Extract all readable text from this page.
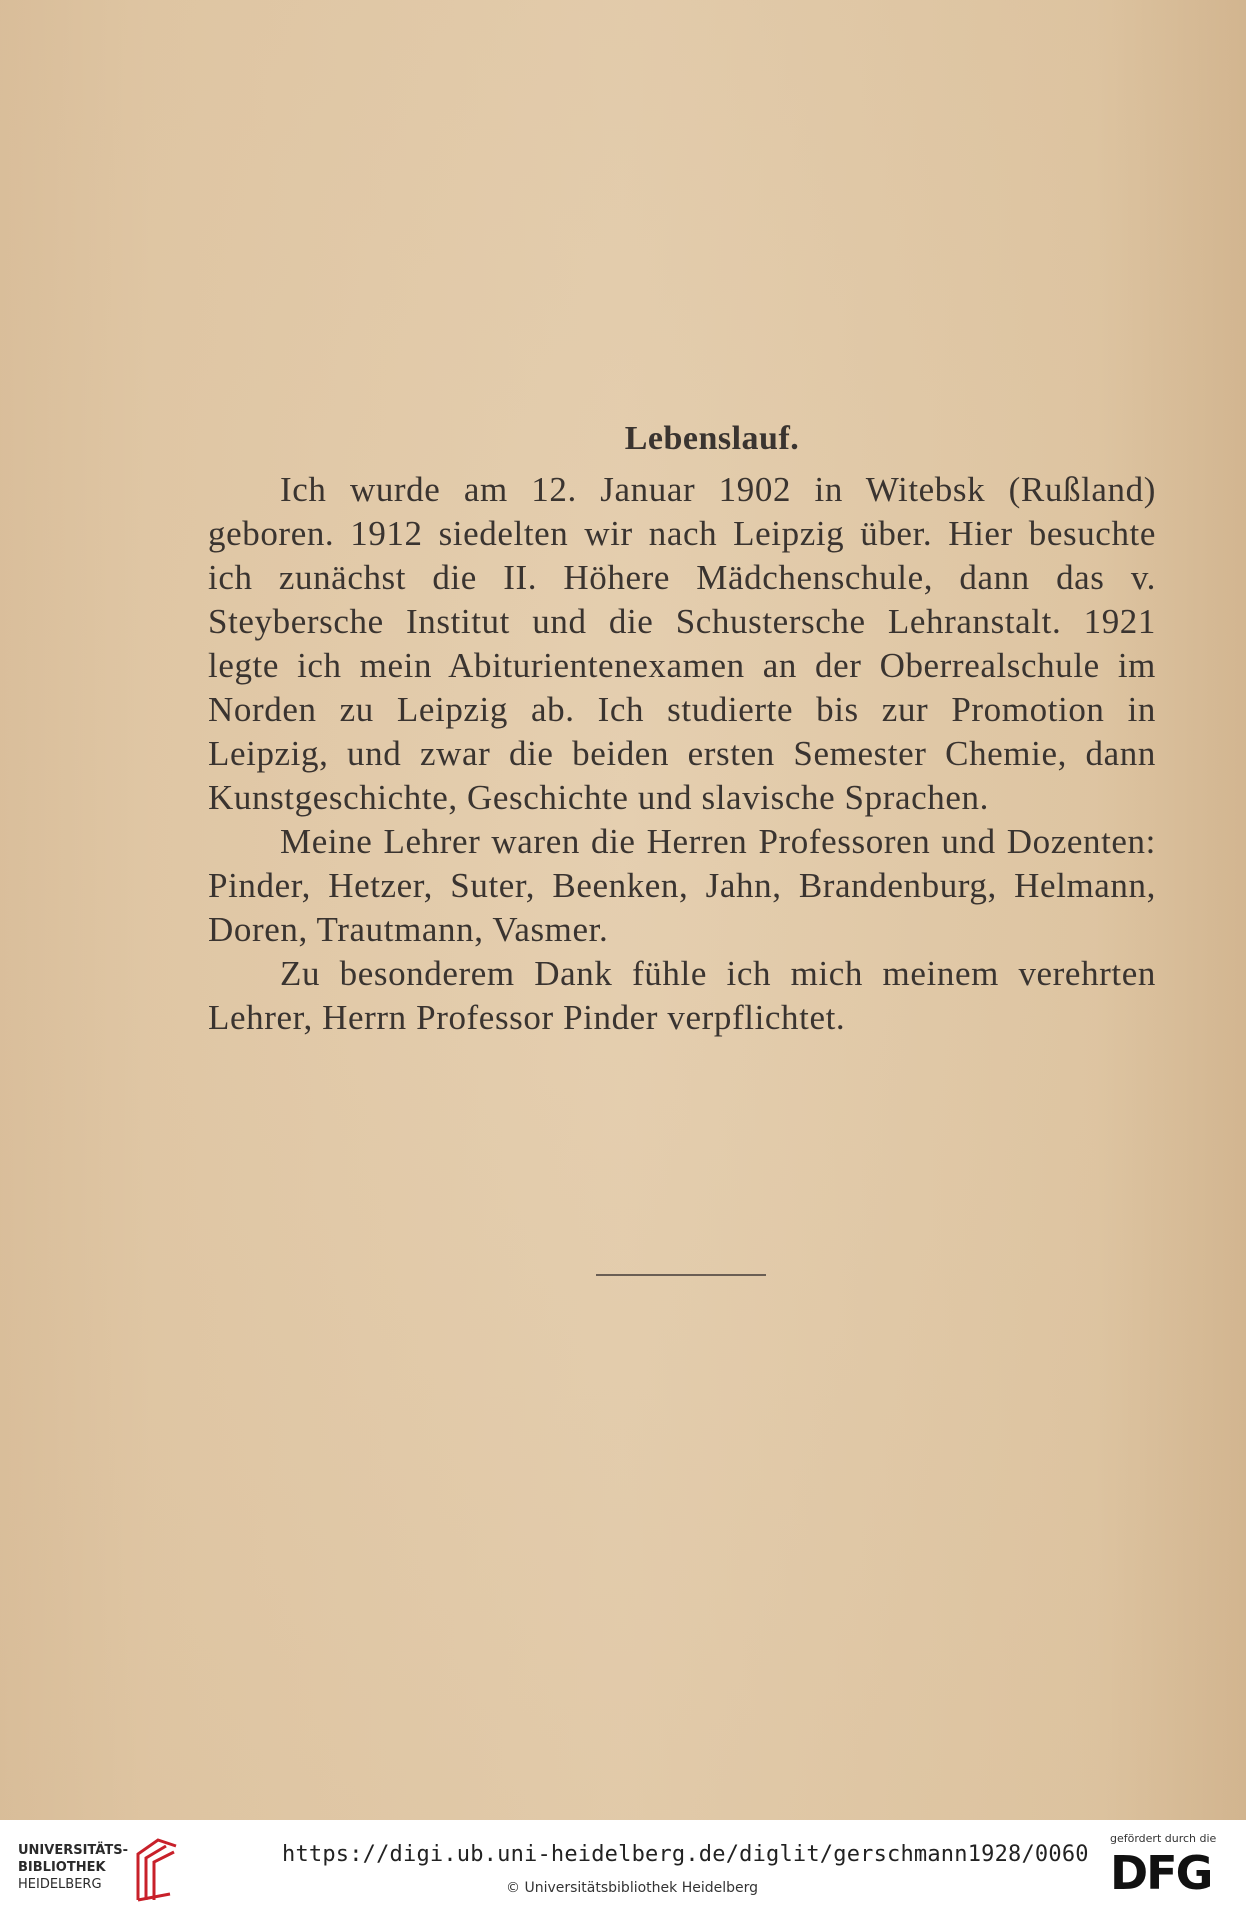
Lebenslauf.

Ich wurde am 12. Januar 1902 in Witebsk (Rußland) geboren. 1912 siedelten wir nach Leipzig über. Hier besuchte ich zunächst die II. Höhere Mädchenschule, dann das v. Steybersche Institut und die Schustersche Lehranstalt. 1921 legte ich mein Abiturientenexamen an der Oberrealschule im Norden zu Leipzig ab. Ich studierte bis zur Promotion in Leipzig, und zwar die beiden ersten Semester Chemie, dann Kunstgeschichte, Geschichte und slavische Sprachen.

Meine Lehrer waren die Herren Professoren und Dozenten: Pinder, Hetzer, Suter, Beenken, Jahn, Brandenburg, Helmann, Doren, Trautmann, Vasmer.

Zu besonderem Dank fühle ich mich meinem verehrten Lehrer, Herrn Professor Pinder verpflichtet.

UNIVERSITÄTS-
BIBLIOTHEK
HEIDELBERG
https://digi.ub.uni-heidelberg.de/diglit/gerschmann1928/0060
© Universitätsbibliothek Heidelberg
gefördert durch die
DFG
